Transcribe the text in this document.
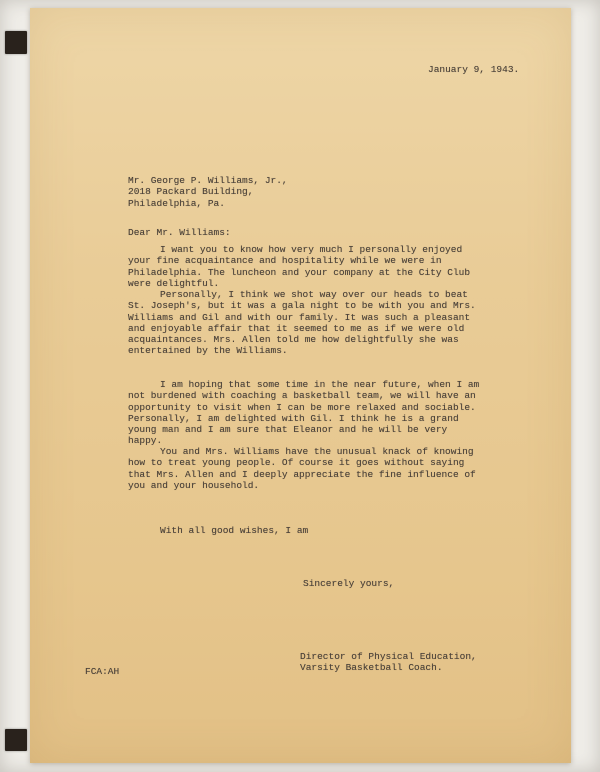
January 9, 1943.
Mr. George P. Williams, Jr.,
2018 Packard Building,
Philadelphia, Pa.
Dear Mr. Williams:

I want you to know how very much I personally enjoyed your fine acquaintance and hospitality while we were in Philadelphia. The luncheon and your company at the City Club were delightful.

Personally, I think we shot way over our heads to beat St. Joseph's, but it was a gala night to be with you and Mrs. Williams and Gil and with our family. It was such a pleasant and enjoyable affair that it seemed to me as if we were old acquaintances. Mrs. Allen told me how delightfully she was entertained by the Williams.

I am hoping that some time in the near future, when I am not burdened with coaching a basketball team, we will have an opportunity to visit when I can be more relaxed and sociable. Personally, I am delighted with Gil. I think he is a grand young man and I am sure that Eleanor and he will be very happy.

You and Mrs. Williams have the unusual knack of knowing how to treat young people. Of course it goes without saying that Mrs. Allen and I deeply appreciate the fine influence of you and your household.

With all good wishes, I am
Sincerely yours,
Director of Physical Education,
Varsity Basketball Coach.
FCA:AH
